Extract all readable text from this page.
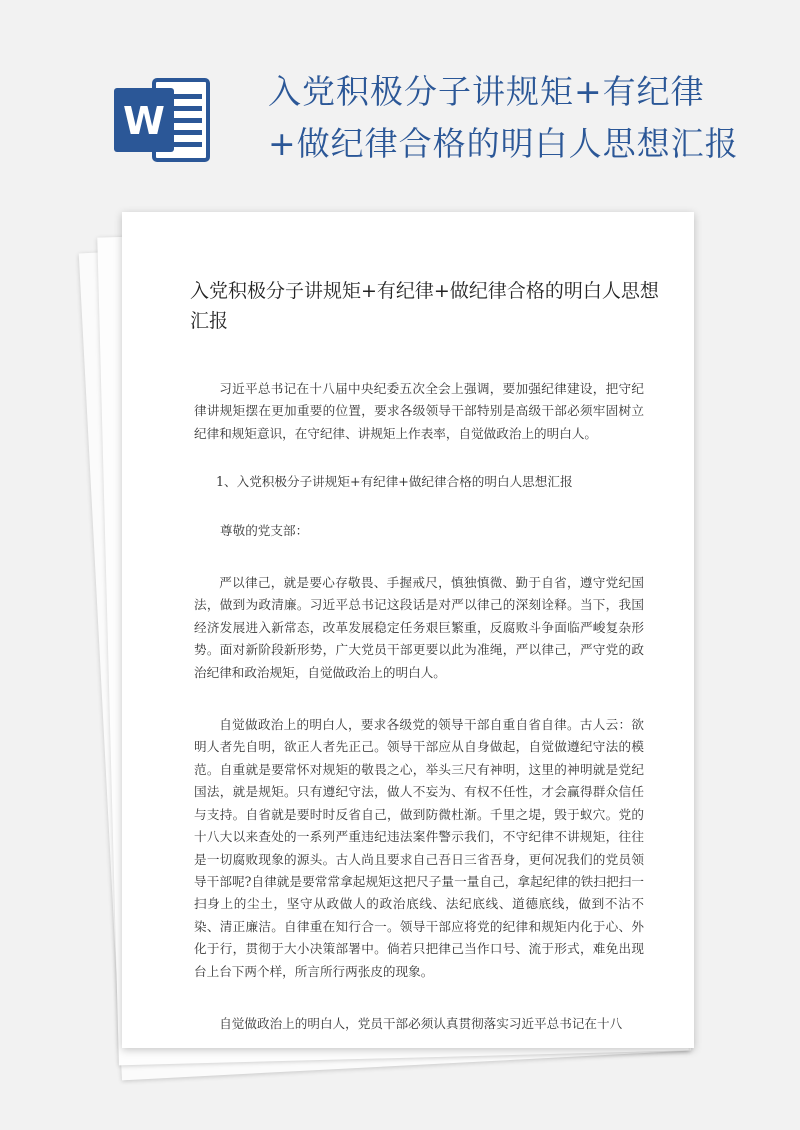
W
入党积极分子讲规矩+有纪律
+做纪律合格的明白人思想汇报
入党积极分子讲规矩+有纪律+做纪律合格的明白人思想汇报

习近平总书记在十八届中央纪委五次全会上强调，要加强纪律建设，把守纪律讲规矩摆在更加重要的位置，要求各级领导干部特别是高级干部必须牢固树立纪律和规矩意识，在守纪律、讲规矩上作表率，自觉做政治上的明白人。

1、入党积极分子讲规矩+有纪律+做纪律合格的明白人思想汇报

尊敬的党支部：

严以律己，就是要心存敬畏、手握戒尺，慎独慎微、勤于自省，遵守党纪国法，做到为政清廉。习近平总书记这段话是对严以律己的深刻诠释。当下，我国经济发展进入新常态，改革发展稳定任务艰巨繁重，反腐败斗争面临严峻复杂形势。面对新阶段新形势，广大党员干部更要以此为准绳，严以律己，严守党的政治纪律和政治规矩，自觉做政治上的明白人。

自觉做政治上的明白人，要求各级党的领导干部自重自省自律。古人云：欲明人者先自明，欲正人者先正己。领导干部应从自身做起，自觉做遵纪守法的模范。自重就是要常怀对规矩的敬畏之心，举头三尺有神明，这里的神明就是党纪国法，就是规矩。只有遵纪守法，做人不妄为、有权不任性，才会赢得群众信任与支持。自省就是要时时反省自己，做到防微杜渐。千里之堤，毁于蚁穴。党的十八大以来查处的一系列严重违纪违法案件警示我们，不守纪律不讲规矩，往往是一切腐败现象的源头。古人尚且要求自己吾日三省吾身，更何况我们的党员领导干部呢?自律就是要常常拿起规矩这把尺子量一量自己，拿起纪律的铁扫把扫一扫身上的尘土，坚守从政做人的政治底线、法纪底线、道德底线，做到不沾不染、清正廉洁。自律重在知行合一。领导干部应将党的纪律和规矩内化于心、外化于行，贯彻于大小决策部署中。倘若只把律己当作口号、流于形式，难免出现台上台下两个样，所言所行两张皮的现象。

自觉做政治上的明白人，党员干部必须认真贯彻落实习近平总书记在十八
